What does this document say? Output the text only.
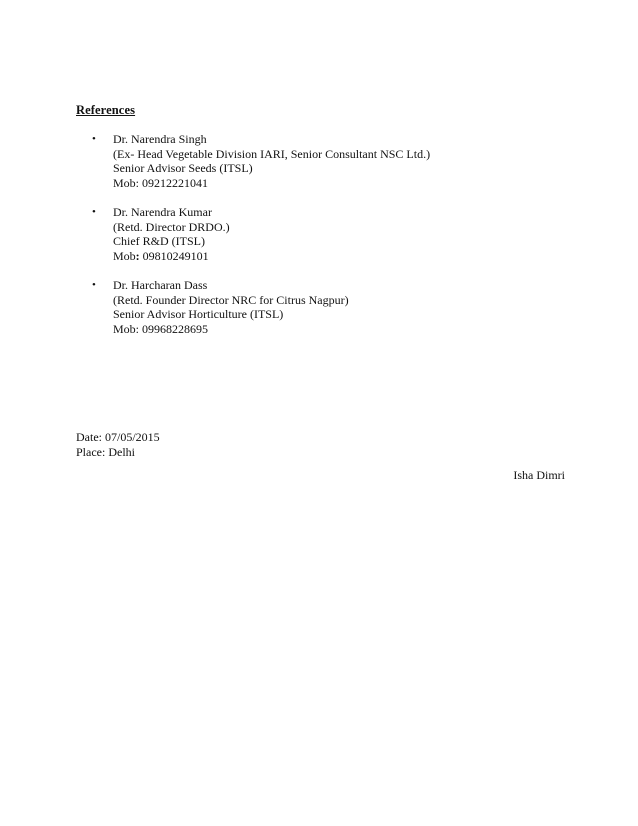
References
• Dr. Narendra Singh
(Ex- Head Vegetable Division IARI, Senior Consultant NSC Ltd.)
Senior Advisor Seeds (ITSL)
Mob: 09212221041
• Dr. Narendra Kumar
(Retd. Director DRDO.)
Chief R&D (ITSL)
Mob: 09810249101
• Dr. Harcharan Dass
(Retd. Founder Director NRC for Citrus Nagpur)
Senior Advisor Horticulture (ITSL)
Mob: 09968228695
Date: 07/05/2015
Place: Delhi
Isha Dimri
